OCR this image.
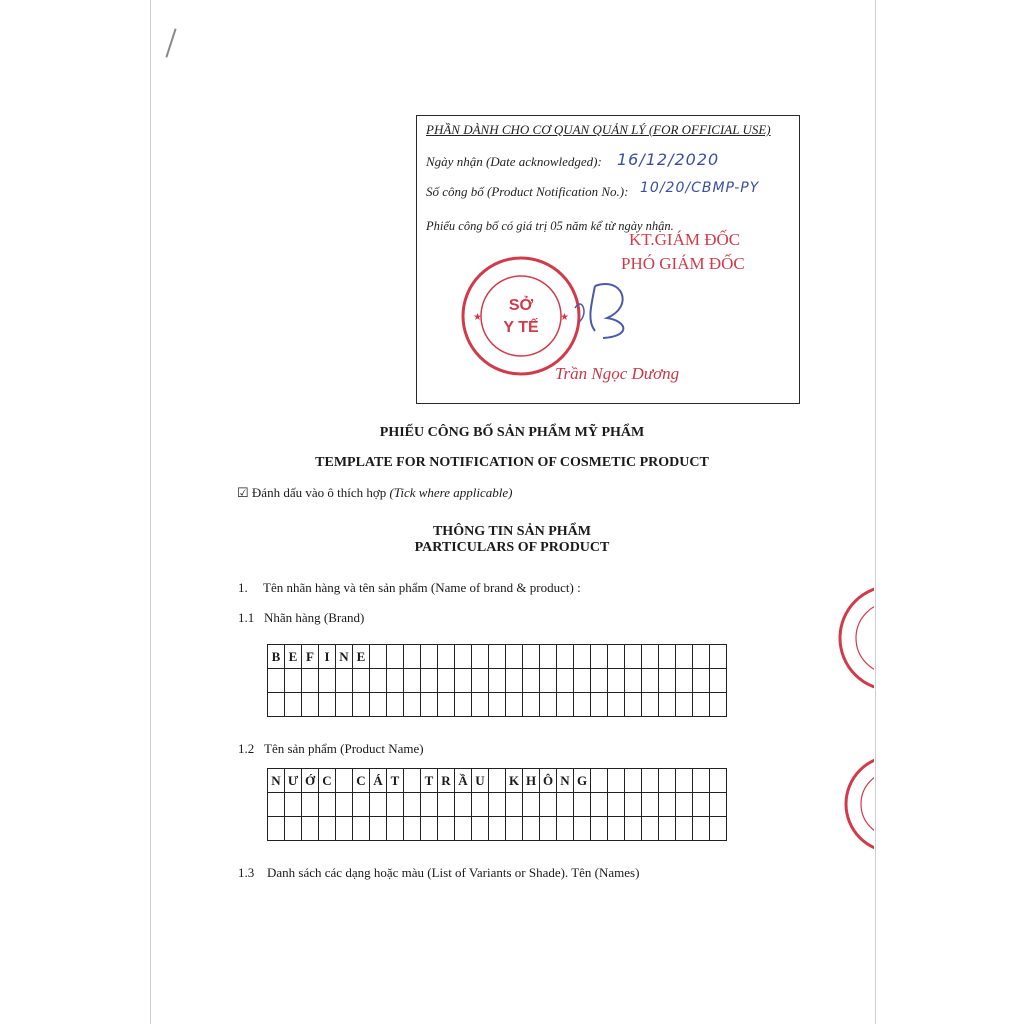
PHẦN DÀNH CHO CƠ QUAN QUẢN LÝ (FOR OFFICIAL USE)
Ngày nhận (Date acknowledged): 16/12/2020
Số công bố (Product Notification No.): 10/20/CBMP-PY
Phiếu công bố có giá trị 05 năm kể từ ngày nhận.
KT.GIÁM ĐỐC
PHÓ GIÁM ĐỐC
SỞ
Y TẾ
★	★
Trần Ngọc Dương
PHIẾU CÔNG BỐ SẢN PHẨM MỸ PHẨM
TEMPLATE FOR NOTIFICATION OF COSMETIC PRODUCT
☑ Đánh dấu vào ô thích hợp (Tick where applicable)
THÔNG TIN SẢN PHẨM
PARTICULARS OF PRODUCT
1. Tên nhãn hàng và tên sản phẩm (Name of brand & product) :
1.1 Nhãn hàng (Brand)
B E F I N E
1.2 Tên sản phẩm (Product Name)
N Ư Ớ C	C Á T	T R Ầ U	K H Ô N G
1.3 Danh sách các dạng hoặc màu (List of Variants or Shade). Tên (Names)
